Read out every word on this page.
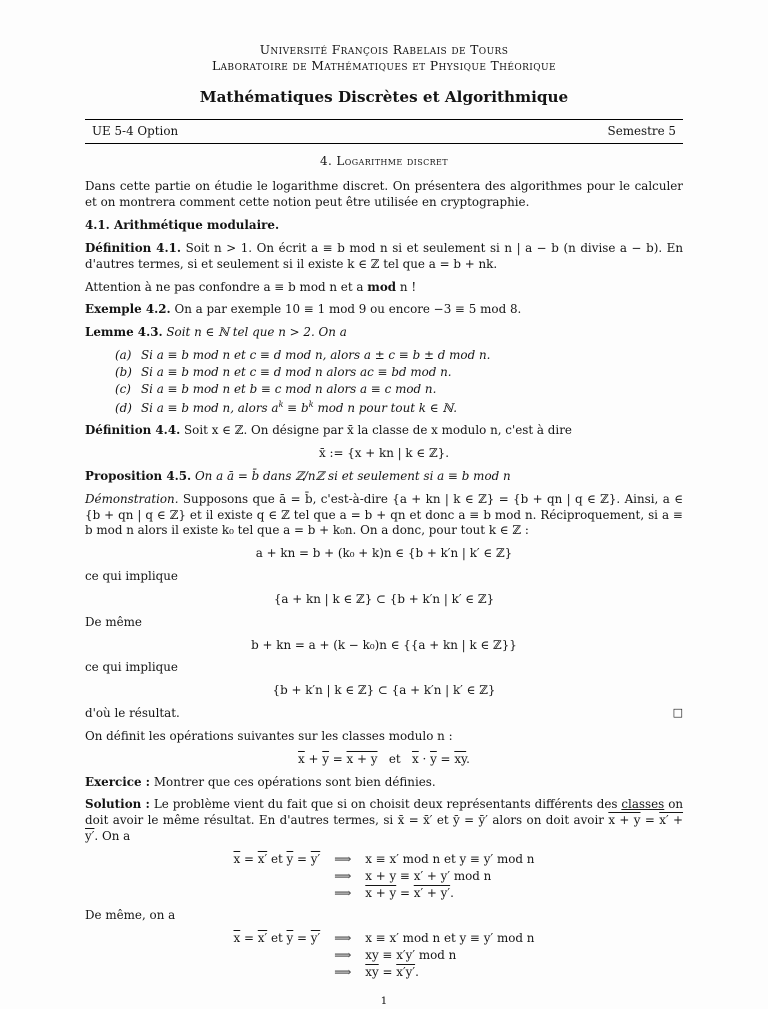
Université François Rabelais de Tours
Laboratoire de Mathématiques et Physique Théorique
Mathématiques Discrètes et Algorithmique
UE 5-4 Option	Semestre 5
4. Logarithme discret

Dans cette partie on étudie le logarithme discret. On présentera des algorithmes pour le calculer et on montrera comment cette notion peut être utilisée en cryptographie.

4.1. Arithmétique modulaire.

Définition 4.1. Soit n > 1. On écrit a ≡ b mod n si et seulement si n | a − b (n divise a − b). En d'autres termes, si et seulement si il existe k ∈ ℤ tel que a = b + nk.

Attention à ne pas confondre a ≡ b mod n et a mod n !

Exemple 4.2. On a par exemple 10 ≡ 1 mod 9 ou encore −3 ≡ 5 mod 8.

Lemme 4.3. Soit n ∈ ℕ tel que n > 2. On a

(a) Si a ≡ b mod n et c ≡ d mod n, alors a ± c ≡ b ± d mod n.
(b) Si a ≡ b mod n et c ≡ d mod n alors ac ≡ bd mod n.
(c) Si a ≡ b mod n et b ≡ c mod n alors a ≡ c mod n.
(d) Si a ≡ b mod n, alors $a^k \equiv b^k$ mod n pour tout k ∈ ℕ.

Définition 4.4. Soit x ∈ ℤ. On désigne par x̄ la classe de x modulo n, c'est à dire

x̄ := {x + kn | k ∈ ℤ}.

Proposition 4.5. On a ā = b̄ dans ℤ/nℤ si et seulement si a ≡ b mod n

Démonstration. Supposons que ā = b̄, c'est-à-dire {a + kn | k ∈ ℤ} = {b + qn | q ∈ ℤ}. Ainsi, a ∈ {b + qn | q ∈ ℤ} et il existe q ∈ ℤ tel que a = b + qn et donc a ≡ b mod n. Réciproquement, si a ≡ b mod n alors il existe k₀ tel que a = b + k₀n. On a donc, pour tout k ∈ ℤ :

a + kn = b + (k₀ + k)n ∈ {b + k′n | k′ ∈ ℤ}

ce qui implique

{a + kn | k ∈ ℤ} ⊂ {b + k′n | k′ ∈ ℤ}

De même

b + kn = a + (k − k₀)n ∈ {{a + kn | k ∈ ℤ}}

ce qui implique

{b + k′n | k ∈ ℤ} ⊂ {a + k′n | k′ ∈ ℤ}
d'où le résultat.	□

On définit les opérations suivantes sur les classes modulo n :

$\overline{x} + \overline{y} = x + y$   et   $\overline{x} \cdot \overline{y} = \overline{xy}$.

Exercice : Montrer que ces opérations sont bien définies.

Solution : Le problème vient du fait que si on choisit deux représentants différents des classes on doit avoir le même résultat. En d'autres termes, si x̄ = x̄′ et ȳ = ȳ′ alors on doit avoir x + y = x′ + y′. On a

$\overline{x} = x'$ et $\overline{y} = y'$ ⟹ x ≡ x′ mod n et y ≡ y′ mod n
⟹ x + y ≡ x′ + y′ mod n
⟹ x + y = x′ + y′.

De même, on a

$\overline{x} = x'$ et $\overline{y} = y'$ ⟹ x ≡ x′ mod n et y ≡ y′ mod n
⟹ xy ≡ x′y′ mod n
⟹ $\overline{xy} = x'y'$.
1
